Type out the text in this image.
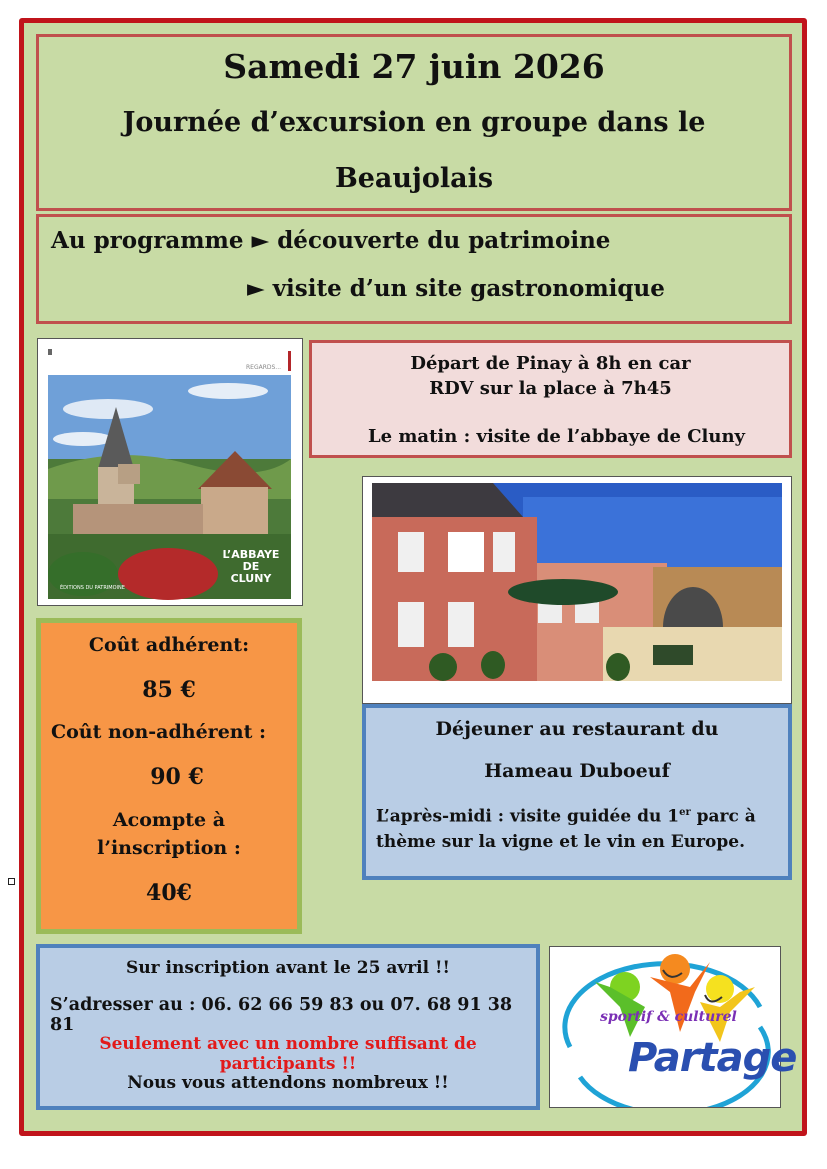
Samedi 27 juin 2026
Journée d’excursion en groupe dans le
Beaujolais
Au programme ► découverte du patrimoine
► visite d’un site gastronomique
REGARDS...
L’ABBAYE
DE
CLUNY
ÉDITIONS DU PATRIMOINE
Départ de Pinay à 8h en car
RDV sur la place à 7h45
Le matin : visite de l’abbaye de Cluny
Coût adhérent:
85 €
Coût non-adhérent :
90 €
Acompte à
l’inscription :
40€
Déjeuner au restaurant du
Hameau Duboeuf
L’après-midi : visite guidée du 1er parc à thème sur la vigne et le vin en Europe.
Sur inscription avant le 25 avril !!
S’adresser au : 06. 62 66 59 83 ou 07. 68 91 38 81
Seulement avec un nombre suffisant de participants !!
Nous vous attendons nombreux !!
sportif & culturel
Partage
